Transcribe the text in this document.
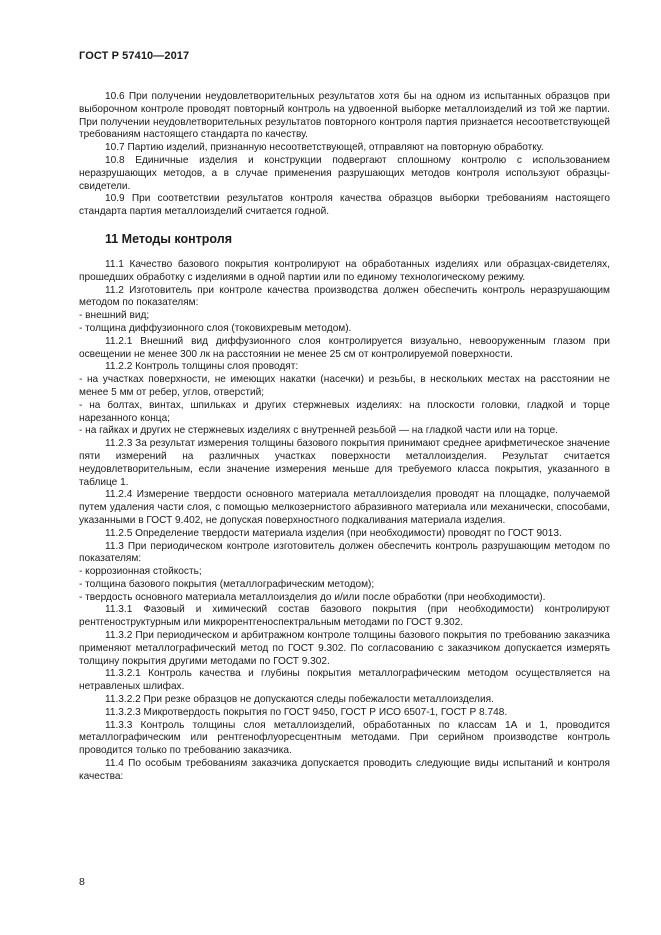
ГОСТ Р 57410—2017

10.6 При получении неудовлетворительных результатов хотя бы на одном из испытанных образцов при выборочном контроле проводят повторный контроль на удвоенной выборке металлоизделий из той же партии. При получении неудовлетворительных результатов повторного контроля партия признается несоответствующей требованиям настоящего стандарта по качеству.

10.7 Партию изделий, признанную несоответствующей, отправляют на повторную обработку.

10.8 Единичные изделия и конструкции подвергают сплошному контролю с использованием неразрушающих методов, а в случае применения разрушающих методов контроля используют образцы-свидетели.

10.9 При соответствии результатов контроля качества образцов выборки требованиям настоящего стандарта партия металлоизделий считается годной.

11 Методы контроля

11.1 Качество базового покрытия контролируют на обработанных изделиях или образцах-свидетелях, прошедших обработку с изделиями в одной партии или по единому технологическому режиму.

11.2 Изготовитель при контроле качества производства должен обеспечить контроль неразрушающим методом по показателям:

- внешний вид;

- толщина диффузионного слоя (токовихревым методом).

11.2.1 Внешний вид диффузионного слоя контролируется визуально, невооруженным глазом при освещении не менее 300 лк на расстоянии не менее 25 см от контролируемой поверхности.

11.2.2 Контроль толщины слоя проводят:

- на участках поверхности, не имеющих накатки (насечки) и резьбы, в нескольких местах на расстоянии не менее 5 мм от ребер, углов, отверстий;

- на болтах, винтах, шпильках и других стержневых изделиях: на плоскости головки, гладкой и торце нарезанного конца;

- на гайках и других не стержневых изделиях с внутренней резьбой — на гладкой части или на торце.

11.2.3 За результат измерения толщины базового покрытия принимают среднее арифметическое значение пяти измерений на различных участках поверхности металлоизделия. Результат считается неудовлетворительным, если значение измерения меньше для требуемого класса покрытия, указанного в таблице 1.

11.2.4 Измерение твердости основного материала металлоизделия проводят на площадке, получаемой путем удаления части слоя, с помощью мелкозернистого абразивного материала или механически, способами, указанными в ГОСТ 9.402, не допуская поверхностного подкаливания материала изделия.

11.2.5 Определение твердости материала изделия (при необходимости) проводят по ГОСТ 9013.

11.3 При периодическом контроле изготовитель должен обеспечить контроль разрушающим методом по показателям:

- коррозионная стойкость;

- толщина базового покрытия (металлографическим методом);

- твердость основного материала металлоизделия до и/или после обработки (при необходимости).

11.3.1 Фазовый и химический состав базового покрытия (при необходимости) контролируют рентгеноструктурным или микрорентгеноспектральным методами по ГОСТ 9.302.

11.3.2 При периодическом и арбитражном контроле толщины базового покрытия по требованию заказчика применяют металлографический метод по ГОСТ 9.302. По согласованию с заказчиком допускается измерять толщину покрытия другими методами по ГОСТ 9.302.

11.3.2.1 Контроль качества и глубины покрытия металлографическим методом осуществляется на нетравленых шлифах.

11.3.2.2 При резке образцов не допускаются следы побежалости металлоизделия.

11.3.2.3 Микротвердость покрытия по ГОСТ 9450, ГОСТ Р ИСО 6507-1, ГОСТ Р 8.748.

11.3.3 Контроль толщины слоя металлоизделий, обработанных по классам 1А и 1, проводится металлографическим или рентгенофлуоресцентным методами. При серийном производстве контроль проводится только по требованию заказчика.

11.4 По особым требованиям заказчика допускается проводить следующие виды испытаний и контроля качества:

8
